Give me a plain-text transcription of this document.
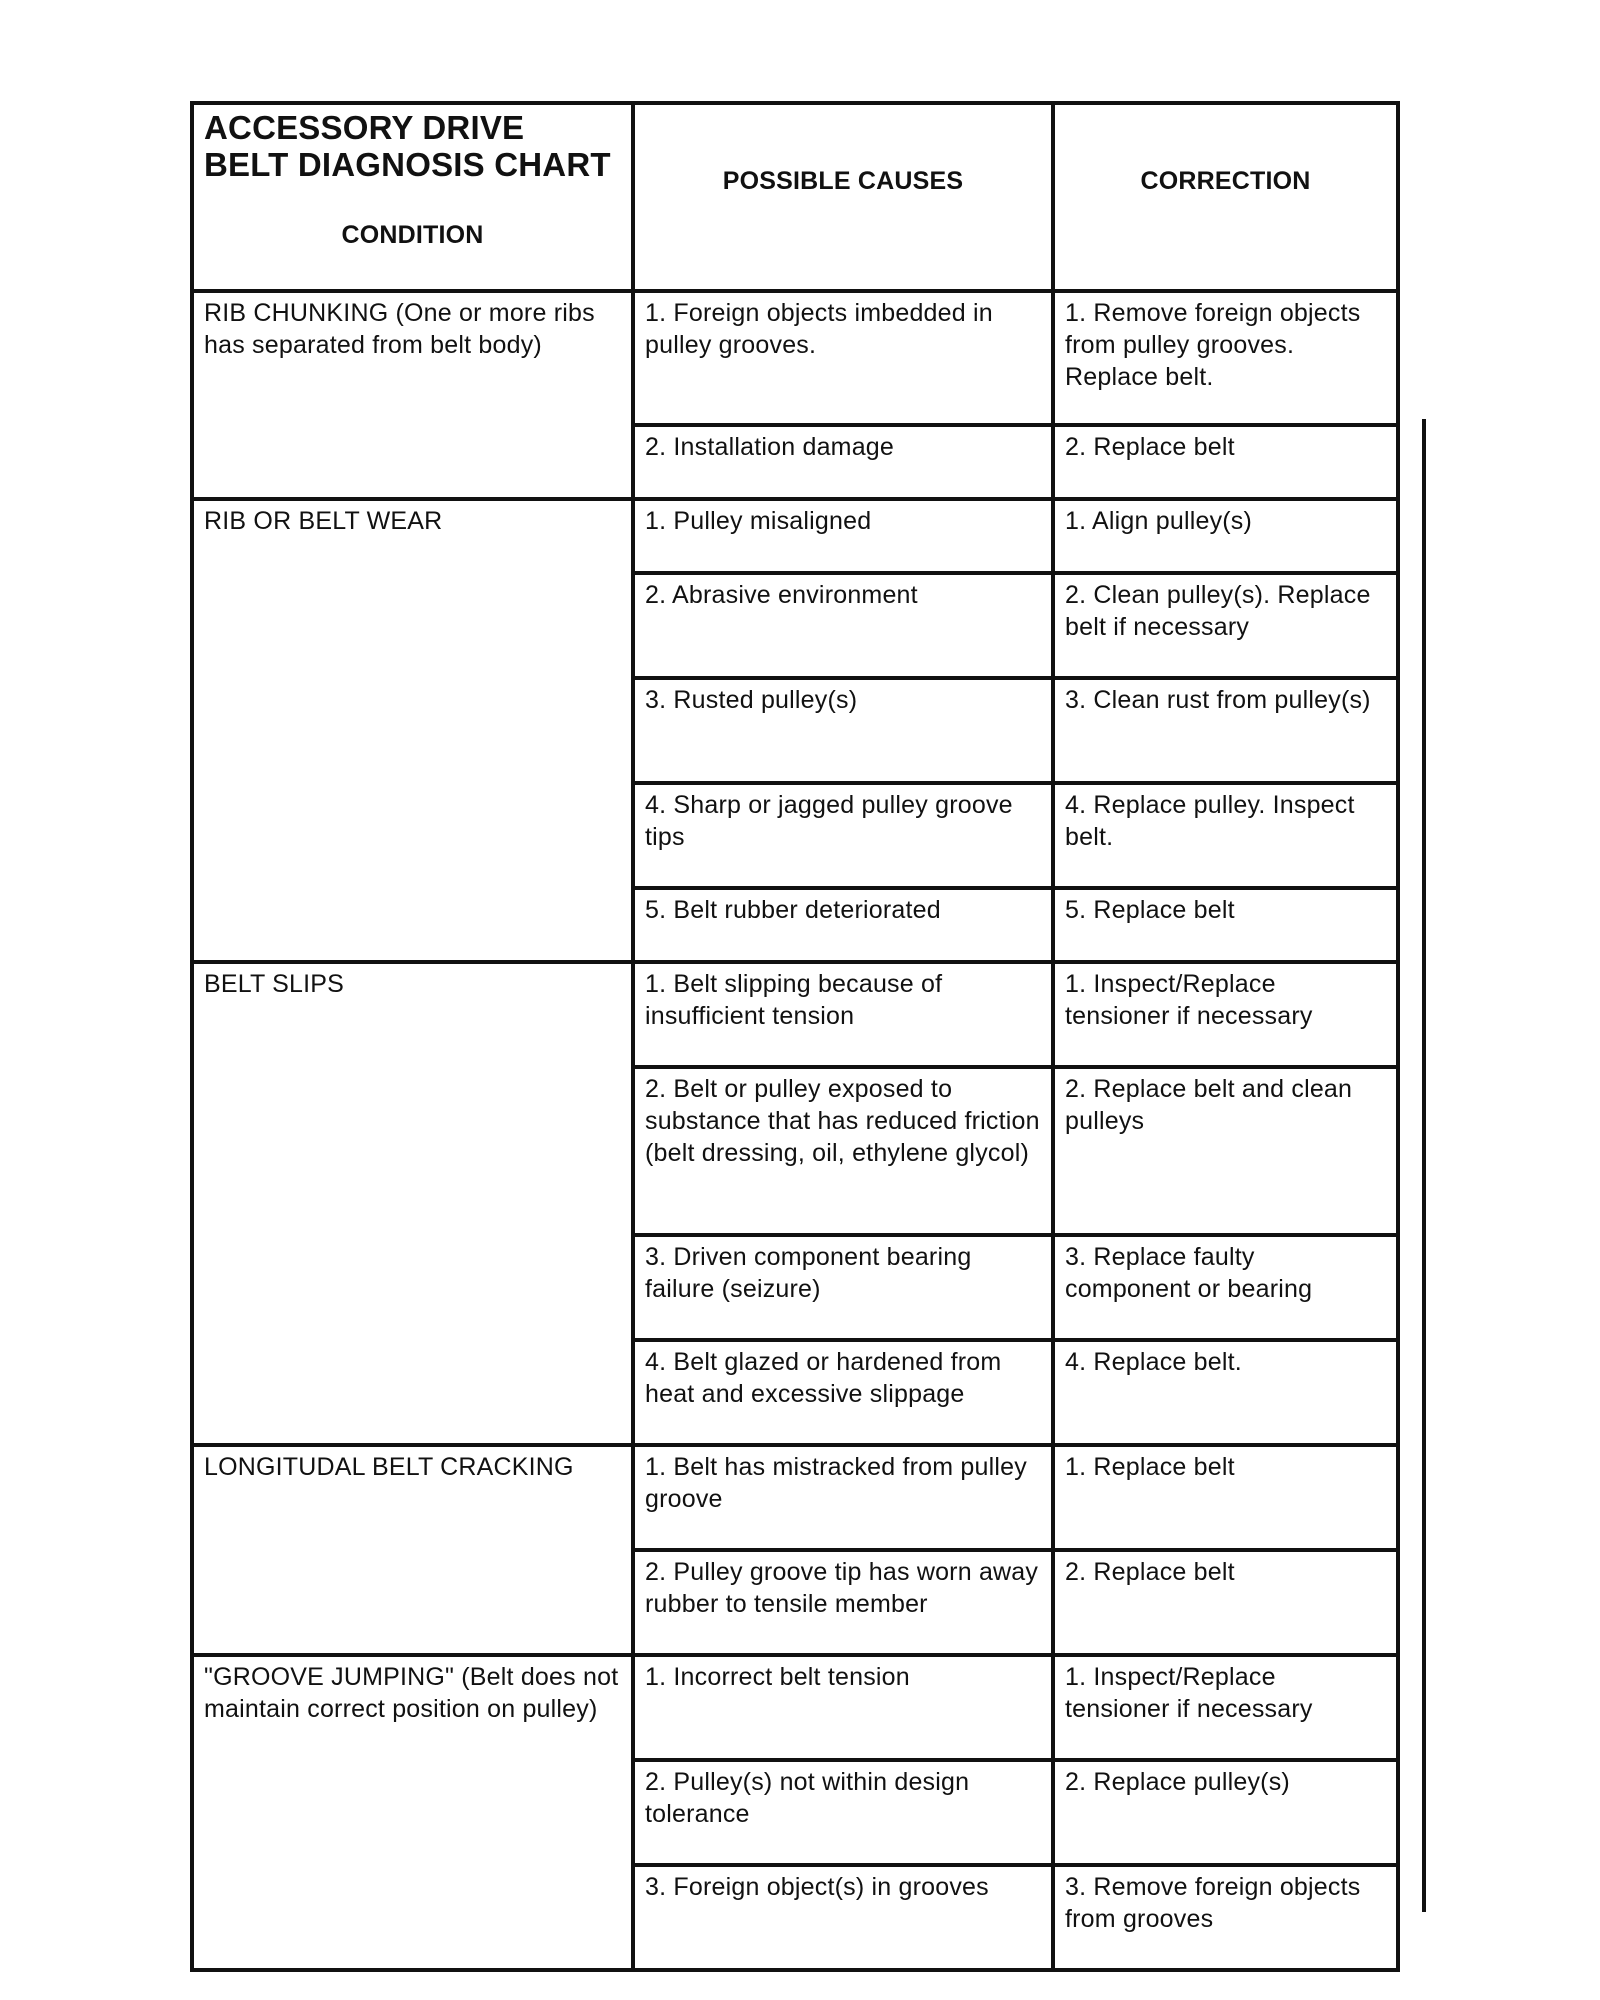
ACCESSORY DRIVE
BELT DIAGNOSIS CHART
CONDITION	POSSIBLE CAUSES	CORRECTION
RIB CHUNKING (One or more ribs has separated from belt body)	1. Foreign objects imbedded in pulley grooves.	1. Remove foreign objects from pulley grooves. Replace belt.
	2. Installation damage	2. Replace belt
RIB OR BELT WEAR	1. Pulley misaligned	1. Align pulley(s)
	2. Abrasive environment	2. Clean pulley(s). Replace belt if necessary
	3. Rusted pulley(s)	3. Clean rust from pulley(s)
	4. Sharp or jagged pulley groove tips	4. Replace pulley. Inspect belt.
	5. Belt rubber deteriorated	5. Replace belt
BELT SLIPS	1. Belt slipping because of insufficient tension	1. Inspect/Replace tensioner if necessary
	2. Belt or pulley exposed to substance that has reduced friction (belt dressing, oil, ethylene glycol)	2. Replace belt and clean pulleys
	3. Driven component bearing failure (seizure)	3. Replace faulty component or bearing
	4. Belt glazed or hardened from heat and excessive slippage	4. Replace belt.
LONGITUDAL BELT CRACKING	1. Belt has mistracked from pulley groove	1. Replace belt
	2. Pulley groove tip has worn away rubber to tensile member	2. Replace belt
"GROOVE JUMPING" (Belt does not maintain correct position on pulley)	1. Incorrect belt tension	1. Inspect/Replace tensioner if necessary
	2. Pulley(s) not within design tolerance	2. Replace pulley(s)
	3. Foreign object(s) in grooves	3. Remove foreign objects from grooves
